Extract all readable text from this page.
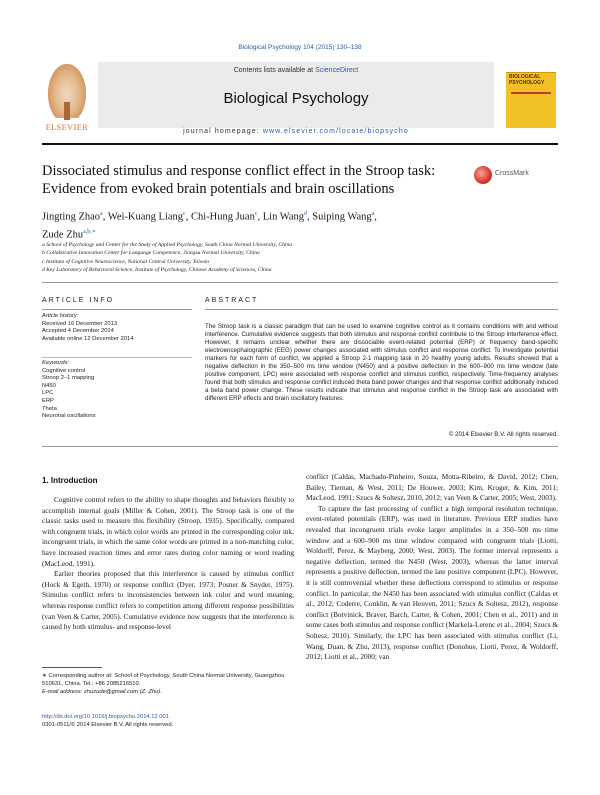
Biological Psychology 104 (2015) 130–138
ELSEVIER
Contents lists available at ScienceDirect
Biological Psychology
journal homepage: www.elsevier.com/locate/biopsycho
BIOLOGICAL PSYCHOLOGY
Dissociated stimulus and response conflict effect in the Stroop task: Evidence from evoked brain potentials and brain oscillations
CrossMark
Jingting Zhao$^a$, Wei-Kuang Liang$^c$, Chi-Hung Juan$^c$, Lin Wang$^d$, Suiping Wang$^a$,
Zude Zhu$^{a,b,∗}$
a School of Psychology and Center for the Study of Applied Psychology, South China Normal University, China
b Collaborative Innovation Center for Language Competence, Jiangsu Normal University, China
c Institute of Cognitive Neuroscience, National Central University, Taiwan
d Key Laboratory of Behavioral Science, Institute of Psychology, Chinese Academy of Sciences, China
ARTICLE INFO	ABSTRACT
Article history:
Received 16 December 2013
Accepted 4 December 2014
Available online 12 December 2014
Keywords:
Cognitive control
Stroop 2–1 mapping
N450
LPC
ERP
Theta
Neuronal oscillations
The Stroop task is a classic paradigm that can be used to examine cognitive control as it contains conditions with and without interference. Cumulative evidence suggests that both stimulus and response conflict contribute to the Stroop interference effect. However, it remains unclear whether there are dissociable event-related potential (ERP) or frequency band-specific electroencephalographic (EEG) power changes associated with stimulus conflict and response conflict. To investigate potential markers for each form of conflict, we applied a Stroop 2-1 mapping task in 20 healthy young adults. Results showed that a negative deflection in the 350–500 ms time window (N450) and a positive deflection in the 600–900 ms time window (late positive component, LPC) were associated with response conflict and stimulus conflict, respectively. Time-frequency analyses found that both stimulus and response conflict induced theta band power changes and that response conflict additionally induced a beta band power change. These results indicate that stimulus and response conflict in the Stroop task are associated with different ERP effects and brain oscillatory features.
© 2014 Elsevier B.V. All rights reserved.
1. Introduction

Cognitive control refers to the ability to shape thoughts and behaviors flexibly to accomplish internal goals (Miller & Cohen, 2001). The Stroop task is one of the classic tasks used to measure this flexibility (Stroop, 1935). Specifically, compared with congruent trials, in which color words are printed in the corresponding color ink, incongruent trials, in which the same color words are printed in a non-matching color, have increased reaction times and error rates during color naming or word reading (MacLeod, 1991).

Earlier theories proposed that this interference is caused by stimulus conflict (Hock & Egeth, 1970) or response conflict (Dyer, 1973; Posner & Snyder, 1975). Stimulus conflict refers to inconsistencies between ink color and word meaning, whereas response conflict refers to competition among different response possibilities (van Veen & Carter, 2005). Cumulative evidence now suggests that the interference is caused by both stimulus- and response-level

conflict (Caldas, Machado-Pinheiro, Souza, Motta-Ribeiro, & David, 2012; Chen, Bailey, Tiernan, & West, 2011; De Houwer, 2003; Kim, Kroger, & Kim, 2011; MacLeod, 1991; Szucs & Soltesz, 2010, 2012; van Veen & Carter, 2005; West, 2003).

To capture the fast processing of conflict a high temporal resolution technique, event-related potentials (ERP), was used in literature. Previous ERP studies have revealed that incongruent trials evoke larger amplitudes in a 350–500 ms time window and a 600–900 ms time window compared with congruent trials (Liotti, Woldorff, Perez, & Mayberg, 2000; West, 2003). The former interval represents a negative deflection, termed the N450 (West, 2003), whereas the latter interval represents a positive deflection, termed the late positive component (LPC). However, it is still controversial whether these deflections correspond to stimulus or response conflict. In particular, the N450 has been associated with stimulus conflict (Caldas et al., 2012; Coderre, Conklin, & van Heuven, 2011; Szucs & Soltesz, 2012), response conflict (Botvinick, Braver, Barch, Carter, & Cohen, 2001; Chen et al., 2011) and in some cases both stimulus and response conflict (Markela-Lerenc et al., 2004; Szucs & Soltesz, 2010). Similarly, the LPC has been associated with stimulus conflict (Li, Wang, Duan, & Zhu, 2013), response conflict (Donohue, Liotti, Perez, & Woldorff, 2012; Liotti et al., 2000; van

∗ Corresponding author at: School of Psychology, South China Normal University, Guangzhou 510631, China. Tel.: +86 2085216510.
E-mail address: zhuzude@gmail.com (Z. Zhu).
http://dx.doi.org/10.1016/j.biopsycho.2014.12.001
0301-0511/© 2014 Elsevier B.V. All rights reserved.
